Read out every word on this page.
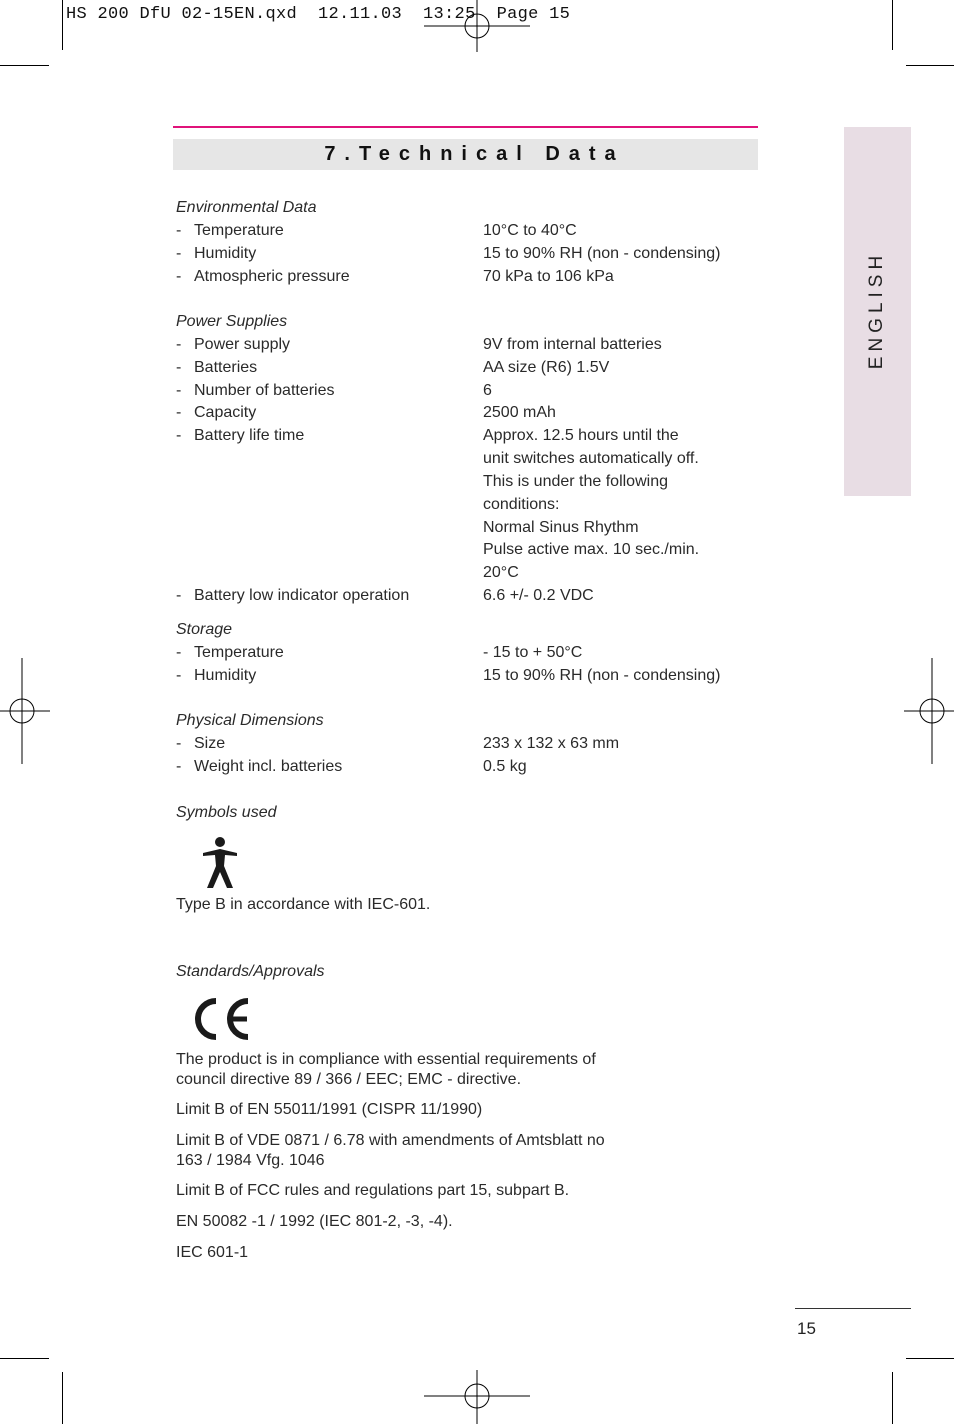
HS 200 DfU 02-15EN.qxd  12.11.03  13:25  Page 15
ENGLISH
7.Technical Data
Environmental Data
- Temperature	10°C to 40°C
- Humidity	15 to 90% RH (non - condensing)
- Atmospheric pressure	70 kPa to 106 kPa
Power Supplies
- Power supply	9V from internal batteries
- Batteries	AA size (R6) 1.5V
- Number of batteries	6
- Capacity	2500 mAh
- Battery life time	Approx. 12.5 hours until the
unit switches automatically off.
This is under the following
conditions:
Normal Sinus Rhythm
Pulse active max. 10 sec./min.
20°C
- Battery low indicator operation	6.6 +/- 0.2 VDC
Storage
- Temperature	- 15 to + 50°C
- Humidity	15 to 90% RH (non - condensing)
Physical Dimensions
- Size	233 x 132 x 63 mm
- Weight incl. batteries	0.5 kg
Symbols used
Type B in accordance with IEC-601.
Standards/Approvals
The product is in compliance with essential requirements of council directive 89 / 366 / EEC; EMC - directive.
Limit B of EN 55011/1991 (CISPR 11/1990)
Limit B of VDE 0871 / 6.78 with amendments of Amtsblatt no 163 / 1984 Vfg. 1046
Limit B of FCC rules and regulations part 15, subpart B.
EN 50082 -1 / 1992 (IEC 801-2, -3, -4).
IEC 601-1
15
